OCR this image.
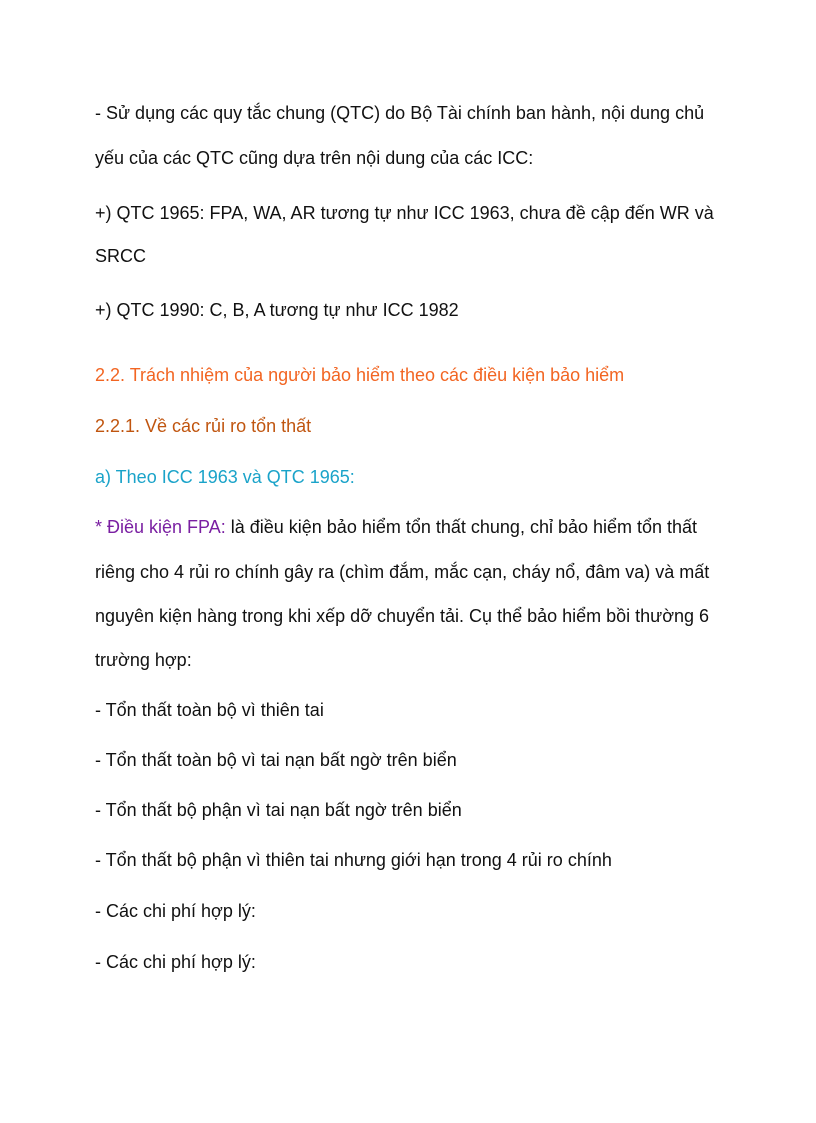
- Sử dụng các quy tắc chung (QTC) do Bộ Tài chính ban hành, nội dung chủ
yếu của các QTC cũng dựa trên nội dung của các ICC:
+) QTC 1965: FPA, WA, AR tương tự như ICC 1963, chưa đề cập đến WR và
SRCC
+) QTC 1990: C, B, A tương tự như ICC 1982
2.2. Trách nhiệm của người bảo hiểm theo các điều kiện bảo hiểm
2.2.1. Về các rủi ro tổn thất
a) Theo ICC 1963 và QTC 1965:
* Điều kiện FPA: là điều kiện bảo hiểm tổn thất chung, chỉ bảo hiểm tổn thất
riêng cho 4 rủi ro chính gây ra (chìm đắm, mắc cạn, cháy nổ, đâm va) và mất
nguyên kiện hàng trong khi xếp dỡ chuyển tải. Cụ thể bảo hiểm bồi thường 6
trường hợp:
- Tổn thất toàn bộ vì thiên tai
- Tổn thất toàn bộ vì tai nạn bất ngờ trên biển
- Tổn thất bộ phận vì tai nạn bất ngờ trên biển
- Tổn thất bộ phận vì thiên tai nhưng giới hạn trong 4 rủi ro chính
- Các chi phí hợp lý:
- Các chi phí hợp lý:
